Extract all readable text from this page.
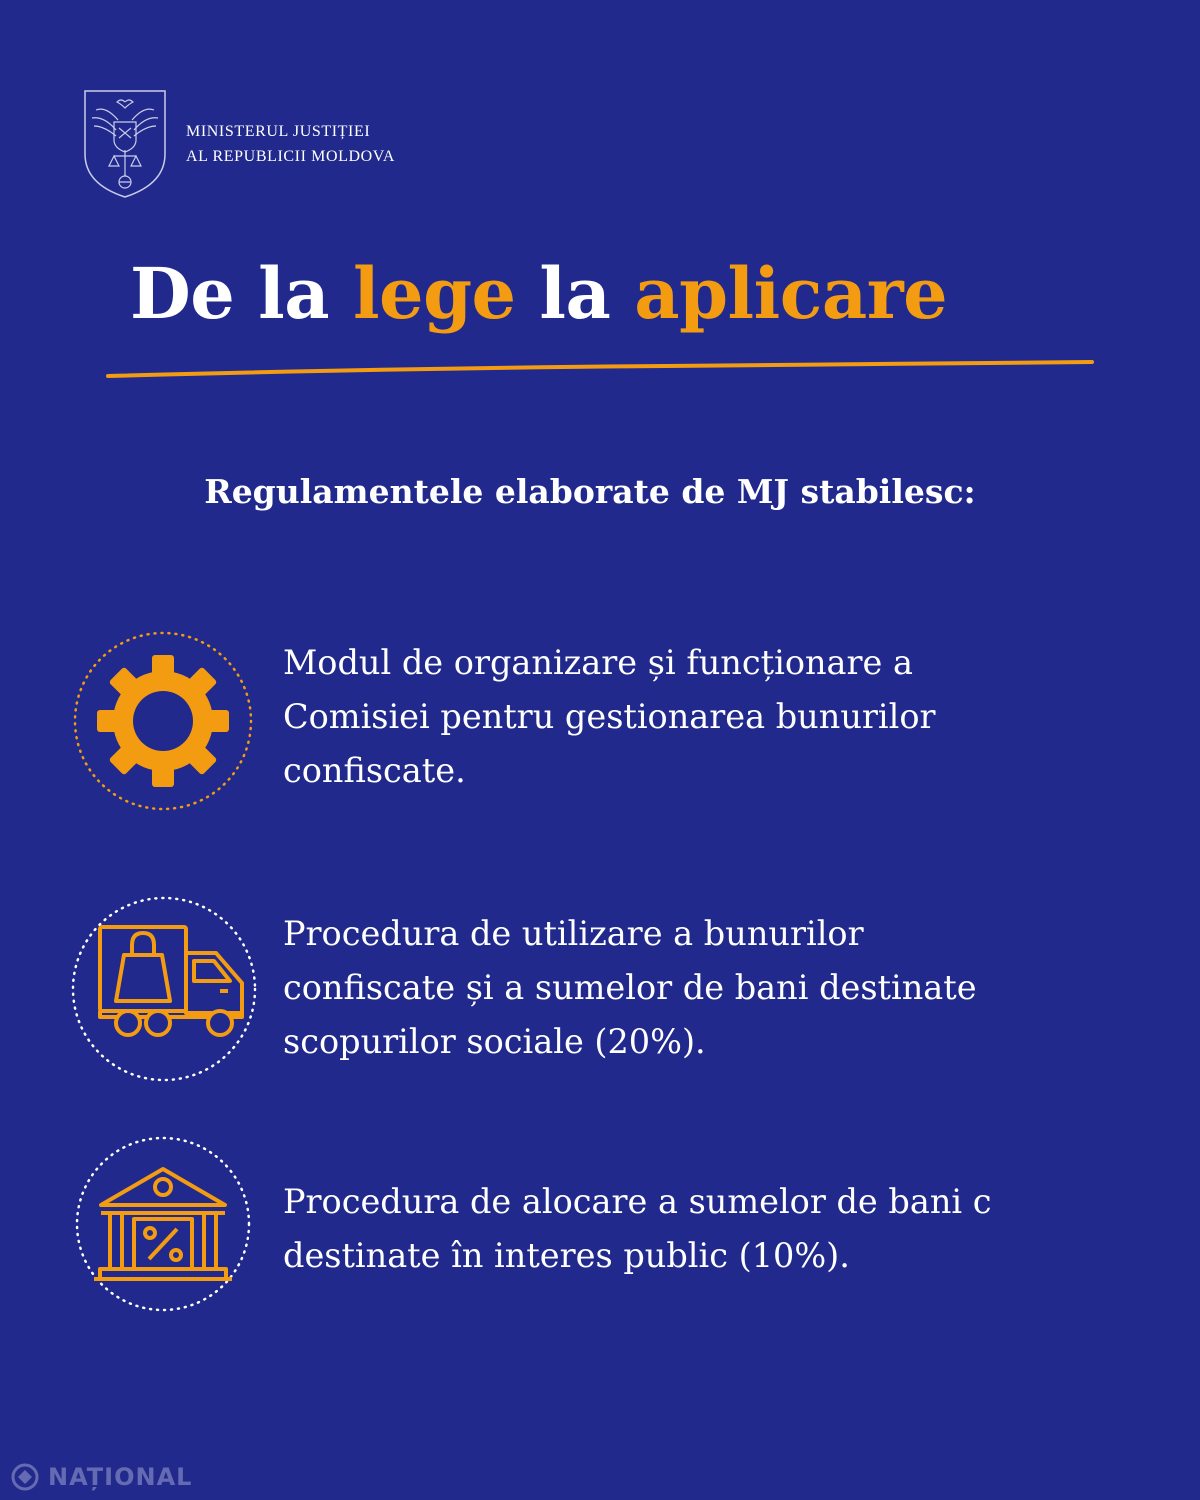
MINISTERUL JUSTIȚIEI
AL REPUBLICII MOLDOVA
De la lege la aplicare
Regulamentele elaborate de MJ stabilesc:

Modul de organizare și funcționare a
Comisiei pentru gestionarea bunurilor
confiscate.

Procedura de utilizare a bunurilor
confiscate și a sumelor de bani destinate
scopurilor sociale (20%).

Procedura de alocare a sumelor de bani c
destinate în interes public (10%).

NAȚIONAL
